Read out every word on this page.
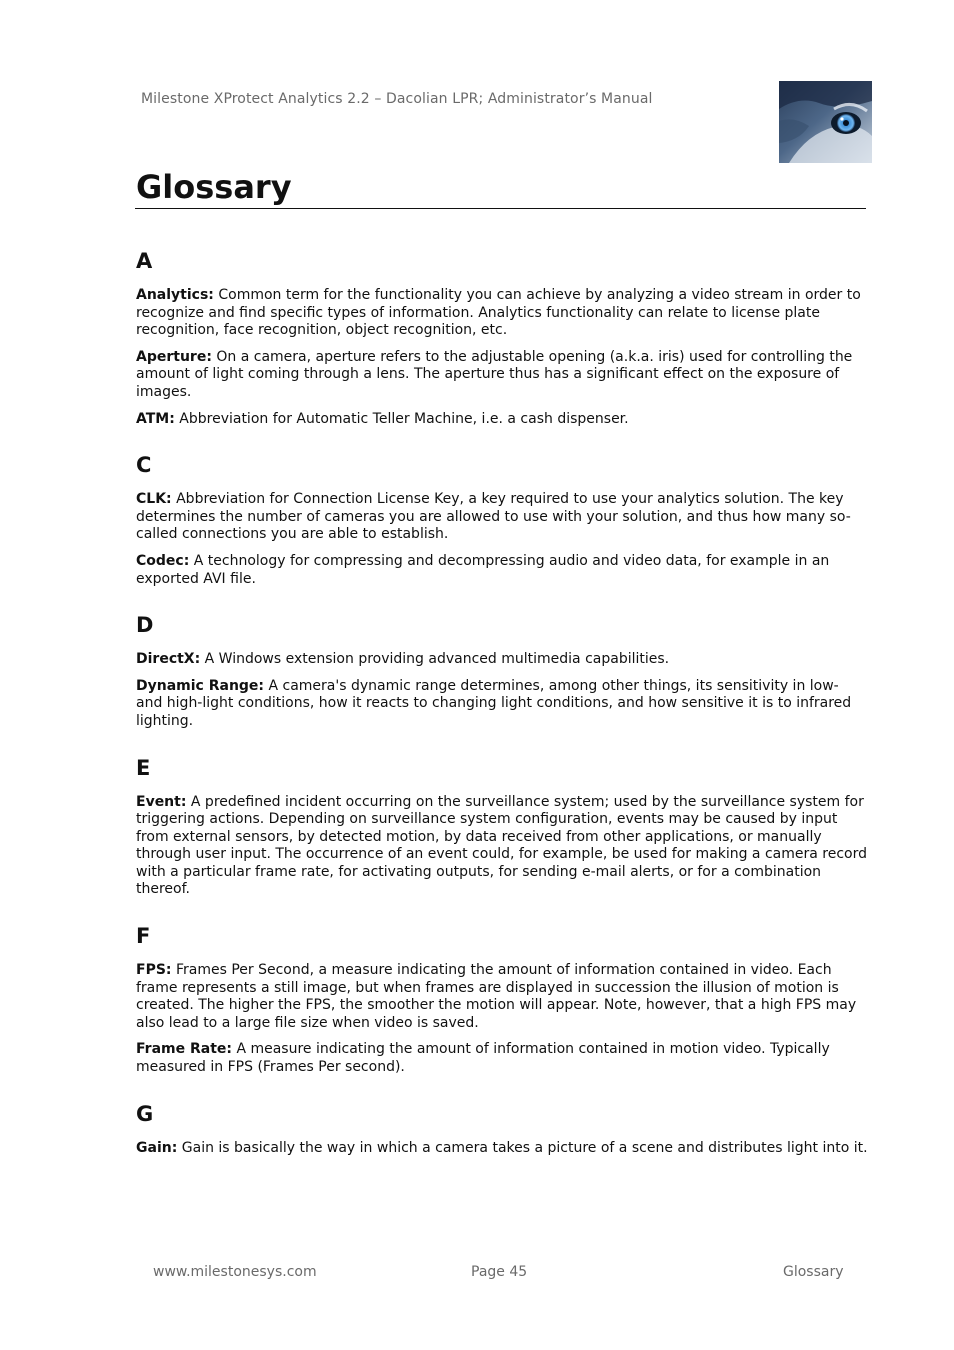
Milestone XProtect Analytics 2.2 – Dacolian LPR; Administrator’s Manual
Glossary
A

Analytics: Common term for the functionality you can achieve by analyzing a video stream in order to recognize and find specific types of information. Analytics functionality can relate to license plate recognition, face recognition, object recognition, etc.

Aperture: On a camera, aperture refers to the adjustable opening (a.k.a. iris) used for controlling the amount of light coming through a lens. The aperture thus has a significant effect on the exposure of images.

ATM: Abbreviation for Automatic Teller Machine, i.e. a cash dispenser.

C

CLK: Abbreviation for Connection License Key, a key required to use your analytics solution. The key determines the number of cameras you are allowed to use with your solution, and thus how many so-called connections you are able to establish.

Codec: A technology for compressing and decompressing audio and video data, for example in an exported AVI file.

D

DirectX: A Windows extension providing advanced multimedia capabilities.

Dynamic Range: A camera's dynamic range determines, among other things, its sensitivity in low- and high-light conditions, how it reacts to changing light conditions, and how sensitive it is to infrared lighting.

E

Event: A predefined incident occurring on the surveillance system; used by the surveillance system for triggering actions. Depending on surveillance system configuration, events may be caused by input from external sensors, by detected motion, by data received from other applications, or manually through user input. The occurrence of an event could, for example, be used for making a camera record with a particular frame rate, for activating outputs, for sending e-mail alerts, or for a combination thereof.

F

FPS: Frames Per Second, a measure indicating the amount of information contained in video. Each frame represents a still image, but when frames are displayed in succession the illusion of motion is created. The higher the FPS, the smoother the motion will appear. Note, however, that a high FPS may also lead to a large file size when video is saved.

Frame Rate: A measure indicating the amount of information contained in motion video. Typically measured in FPS (Frames Per second).

G

Gain: Gain is basically the way in which a camera takes a picture of a scene and distributes light into it.

www.milestonesys.com	Page 45	Glossary
